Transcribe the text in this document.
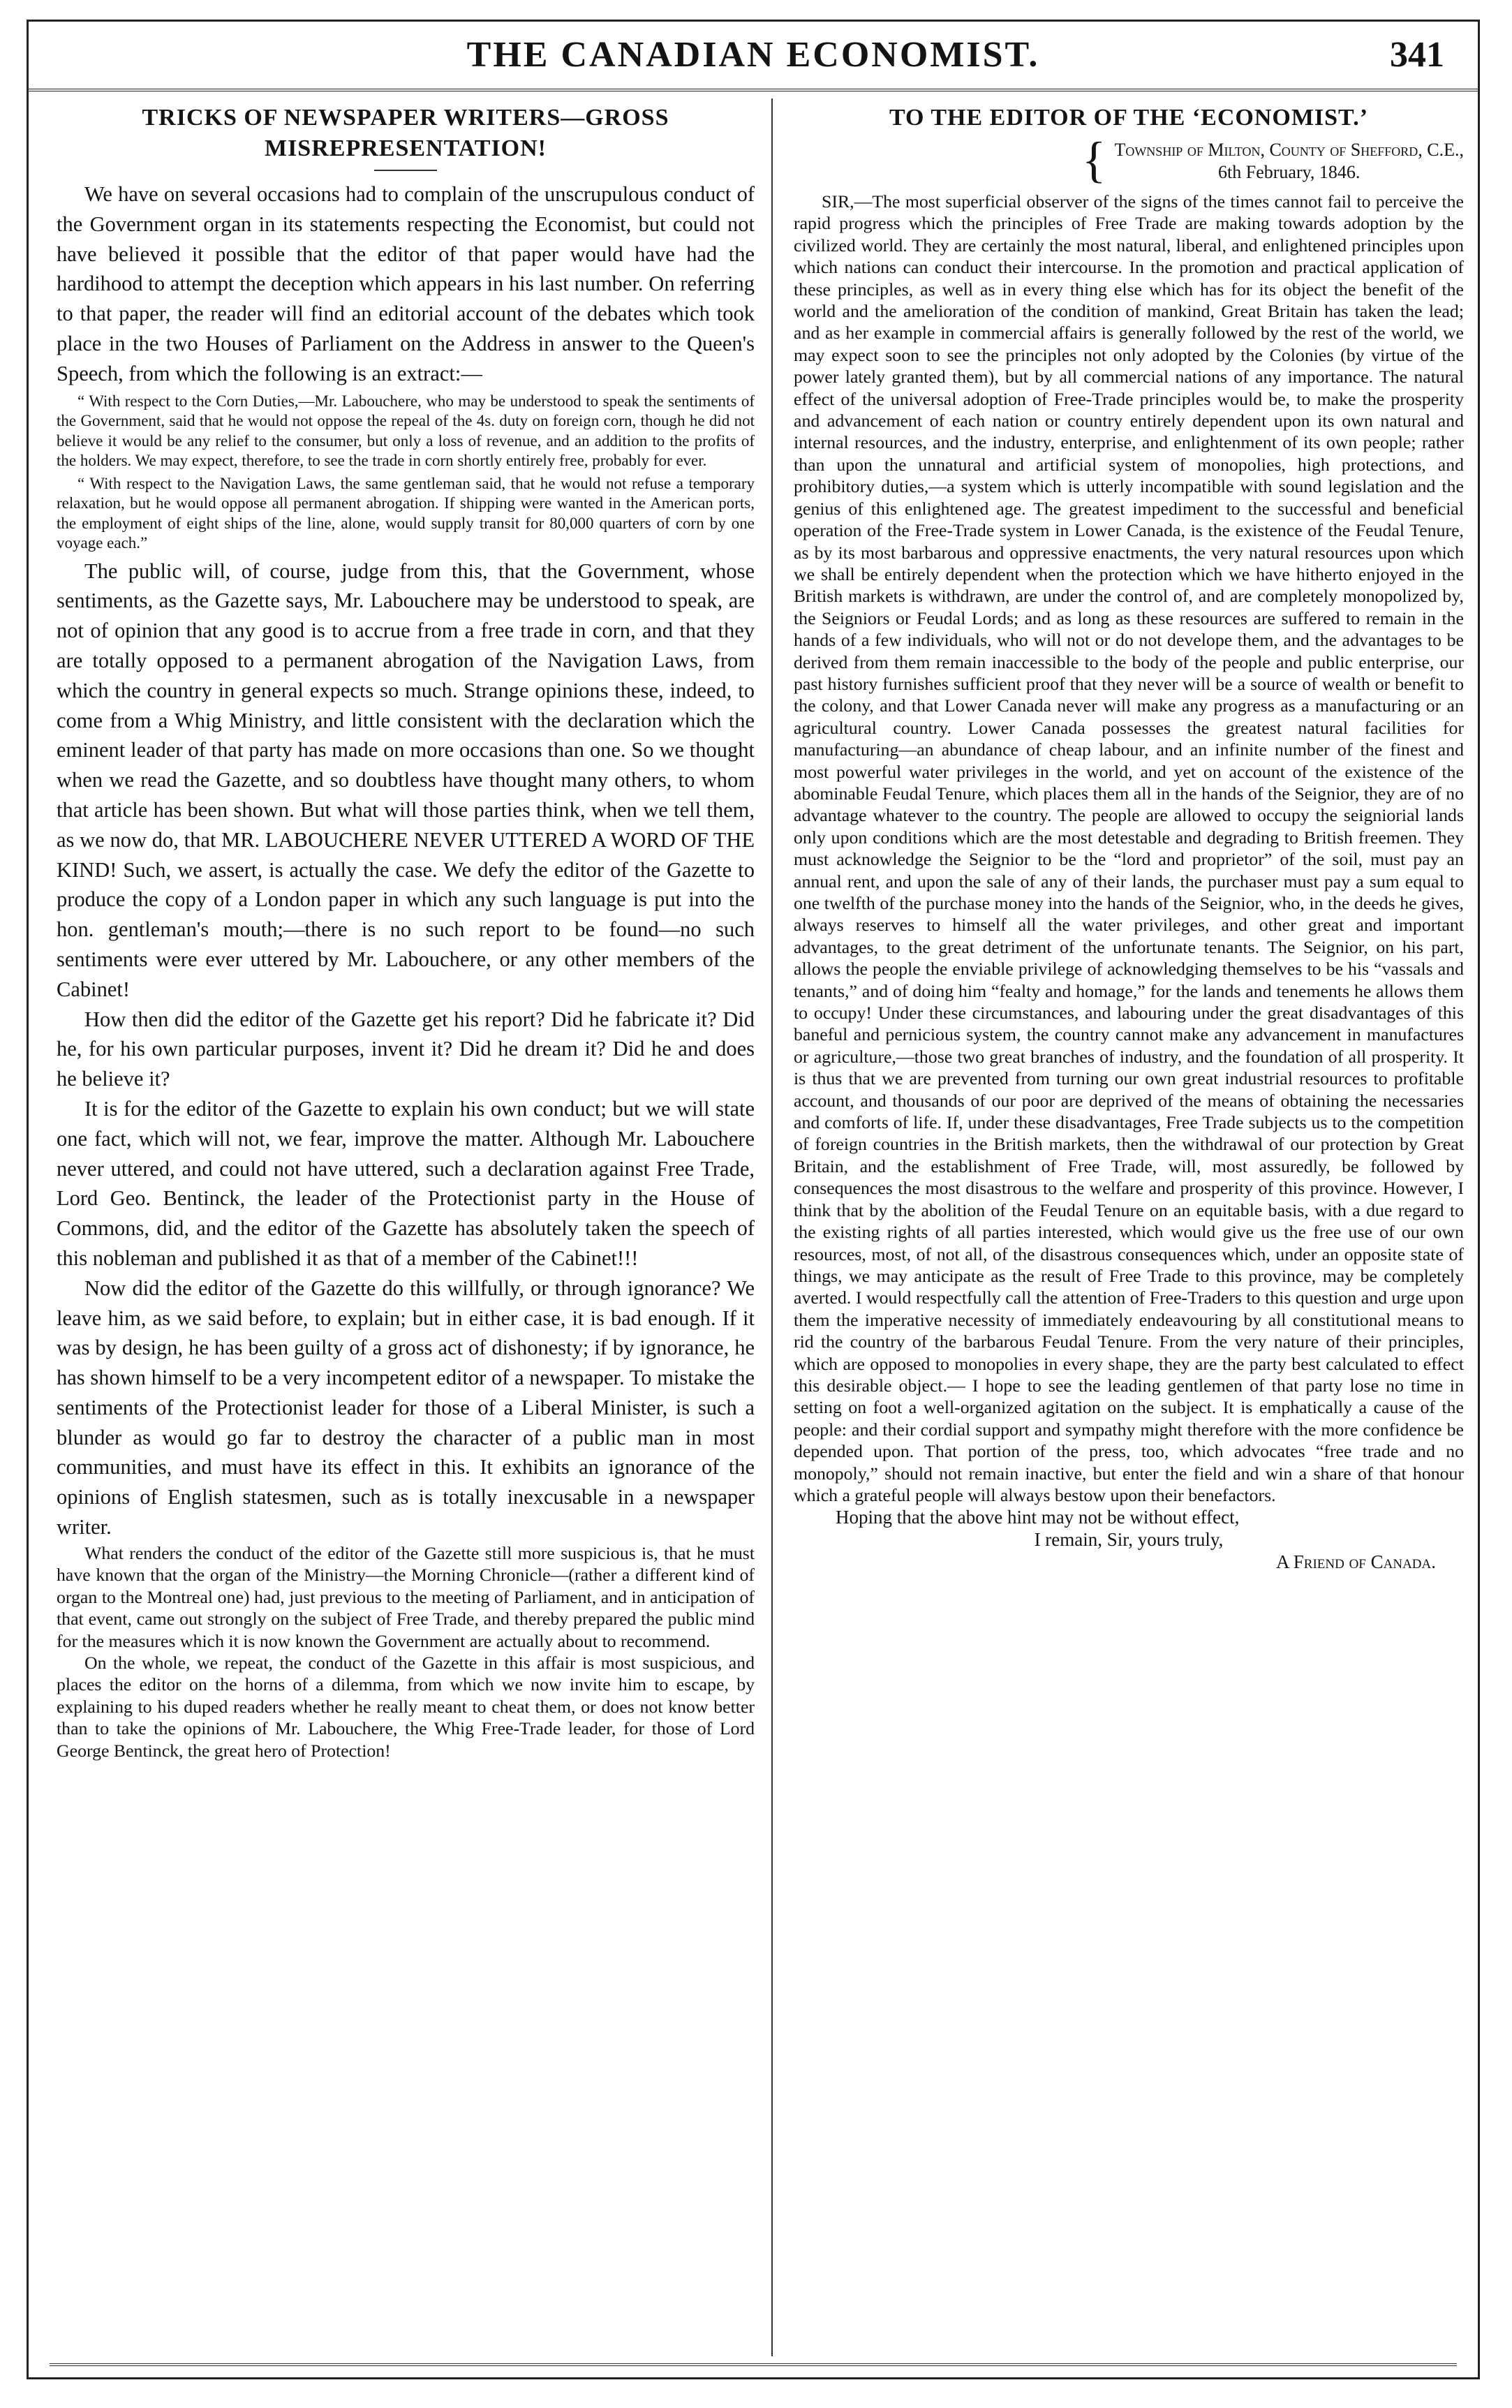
THE CANADIAN ECONOMIST.	341
TRICKS OF NEWSPAPER WRITERS—GROSS MISREPRESENTATION!

We have on several occasions had to complain of the unscrupulous conduct of the Government organ in its statements respecting the Economist, but could not have believed it possible that the editor of that paper would have had the hardihood to attempt the deception which appears in his last number. On referring to that paper, the reader will find an editorial account of the debates which took place in the two Houses of Parliament on the Address in answer to the Queen's Speech, from which the following is an extract:—

“ With respect to the Corn Duties,—Mr. Labouchere, who may be understood to speak the sentiments of the Government, said that he would not oppose the repeal of the 4s. duty on foreign corn, though he did not believe it would be any relief to the consumer, but only a loss of revenue, and an addition to the profits of the holders. We may expect, therefore, to see the trade in corn shortly entirely free, probably for ever.

“ With respect to the Navigation Laws, the same gentleman said, that he would not refuse a temporary relaxation, but he would oppose all permanent abrogation. If shipping were wanted in the American ports, the employment of eight ships of the line, alone, would supply transit for 80,000 quarters of corn by one voyage each.”

The public will, of course, judge from this, that the Government, whose sentiments, as the Gazette says, Mr. Labouchere may be understood to speak, are not of opinion that any good is to accrue from a free trade in corn, and that they are totally opposed to a permanent abrogation of the Navigation Laws, from which the country in general expects so much. Strange opinions these, indeed, to come from a Whig Ministry, and little consistent with the declaration which the eminent leader of that party has made on more occasions than one. So we thought when we read the Gazette, and so doubtless have thought many others, to whom that article has been shown. But what will those parties think, when we tell them, as we now do, that MR. LABOUCHERE NEVER UTTERED A WORD OF THE KIND! Such, we assert, is actually the case. We defy the editor of the Gazette to produce the copy of a London paper in which any such language is put into the hon. gentleman's mouth;—there is no such report to be found—no such sentiments were ever uttered by Mr. Labouchere, or any other members of the Cabinet!

How then did the editor of the Gazette get his report? Did he fabricate it? Did he, for his own particular purposes, invent it? Did he dream it? Did he and does he believe it?

It is for the editor of the Gazette to explain his own conduct; but we will state one fact, which will not, we fear, improve the matter. Although Mr. Labouchere never uttered, and could not have uttered, such a declaration against Free Trade, Lord Geo. Bentinck, the leader of the Protectionist party in the House of Commons, did, and the editor of the Gazette has absolutely taken the speech of this nobleman and published it as that of a member of the Cabinet!!!

Now did the editor of the Gazette do this willfully, or through ignorance? We leave him, as we said before, to explain; but in either case, it is bad enough. If it was by design, he has been guilty of a gross act of dishonesty; if by ignorance, he has shown himself to be a very incompetent editor of a newspaper. To mistake the sentiments of the Protectionist leader for those of a Liberal Minister, is such a blunder as would go far to destroy the character of a public man in most communities, and must have its effect in this. It exhibits an ignorance of the opinions of English statesmen, such as is totally inexcusable in a newspaper writer.

What renders the conduct of the editor of the Gazette still more suspicious is, that he must have known that the organ of the Ministry—the Morning Chronicle—(rather a different kind of organ to the Montreal one) had, just previous to the meeting of Parliament, and in anticipation of that event, came out strongly on the subject of Free Trade, and thereby prepared the public mind for the measures which it is now known the Government are actually about to recommend.

On the whole, we repeat, the conduct of the Gazette in this affair is most suspicious, and places the editor on the horns of a dilemma, from which we now invite him to escape, by explaining to his duped readers whether he really meant to cheat them, or does not know better than to take the opinions of Mr. Labouchere, the Whig Free-Trade leader, for those of Lord George Bentinck, the great hero of Protection!

TO THE EDITOR OF THE ‘ECONOMIST.’
{ Township of Milton, County of Shefford, C.E.,
6th February, 1846.

SIR,—The most superficial observer of the signs of the times cannot fail to perceive the rapid progress which the principles of Free Trade are making towards adoption by the civilized world. They are certainly the most natural, liberal, and enlightened principles upon which nations can conduct their intercourse. In the promotion and practical application of these principles, as well as in every thing else which has for its object the benefit of the world and the amelioration of the condition of mankind, Great Britain has taken the lead; and as her example in commercial affairs is generally followed by the rest of the world, we may expect soon to see the principles not only adopted by the Colonies (by virtue of the power lately granted them), but by all commercial nations of any importance. The natural effect of the universal adoption of Free-Trade principles would be, to make the prosperity and advancement of each nation or country entirely dependent upon its own natural and internal resources, and the industry, enterprise, and enlightenment of its own people; rather than upon the unnatural and artificial system of monopolies, high protections, and prohibitory duties,—a system which is utterly incompatible with sound legislation and the genius of this enlightened age. The greatest impediment to the successful and beneficial operation of the Free-Trade system in Lower Canada, is the existence of the Feudal Tenure, as by its most barbarous and oppressive enactments, the very natural resources upon which we shall be entirely dependent when the protection which we have hitherto enjoyed in the British markets is withdrawn, are under the control of, and are completely monopolized by, the Seigniors or Feudal Lords; and as long as these resources are suffered to remain in the hands of a few individuals, who will not or do not develope them, and the advantages to be derived from them remain inaccessible to the body of the people and public enterprise, our past history furnishes sufficient proof that they never will be a source of wealth or benefit to the colony, and that Lower Canada never will make any progress as a manufacturing or an agricultural country. Lower Canada possesses the greatest natural facilities for manufacturing—an abundance of cheap labour, and an infinite number of the finest and most powerful water privileges in the world, and yet on account of the existence of the abominable Feudal Tenure, which places them all in the hands of the Seignior, they are of no advantage whatever to the country. The people are allowed to occupy the seigniorial lands only upon conditions which are the most detestable and degrading to British freemen. They must acknowledge the Seignior to be the “lord and proprietor” of the soil, must pay an annual rent, and upon the sale of any of their lands, the purchaser must pay a sum equal to one twelfth of the purchase money into the hands of the Seignior, who, in the deeds he gives, always reserves to himself all the water privileges, and other great and important advantages, to the great detriment of the unfortunate tenants. The Seignior, on his part, allows the people the enviable privilege of acknowledging themselves to be his “vassals and tenants,” and of doing him “fealty and homage,” for the lands and tenements he allows them to occupy! Under these circumstances, and labouring under the great disadvantages of this baneful and pernicious system, the country cannot make any advancement in manufactures or agriculture,—those two great branches of industry, and the foundation of all prosperity. It is thus that we are prevented from turning our own great industrial resources to profitable account, and thousands of our poor are deprived of the means of obtaining the necessaries and comforts of life. If, under these disadvantages, Free Trade subjects us to the competition of foreign countries in the British markets, then the withdrawal of our protection by Great Britain, and the establishment of Free Trade, will, most assuredly, be followed by consequences the most disastrous to the welfare and prosperity of this province. However, I think that by the abolition of the Feudal Tenure on an equitable basis, with a due regard to the existing rights of all parties interested, which would give us the free use of our own resources, most, of not all, of the disastrous consequences which, under an opposite state of things, we may anticipate as the result of Free Trade to this province, may be completely averted. I would respectfully call the attention of Free-Traders to this question and urge upon them the imperative necessity of immediately endeavouring by all constitutional means to rid the country of the barbarous Feudal Tenure. From the very nature of their principles, which are opposed to monopolies in every shape, they are the party best calculated to effect this desirable object.— I hope to see the leading gentlemen of that party lose no time in setting on foot a well-organized agitation on the subject. It is emphatically a cause of the people: and their cordial support and sympathy might therefore with the more confidence be depended upon. That portion of the press, too, which advocates “free trade and no monopoly,” should not remain inactive, but enter the field and win a share of that honour which a grateful people will always bestow upon their benefactors.

Hoping that the above hint may not be without effect,

I remain, Sir, yours truly,

A Friend of Canada.
